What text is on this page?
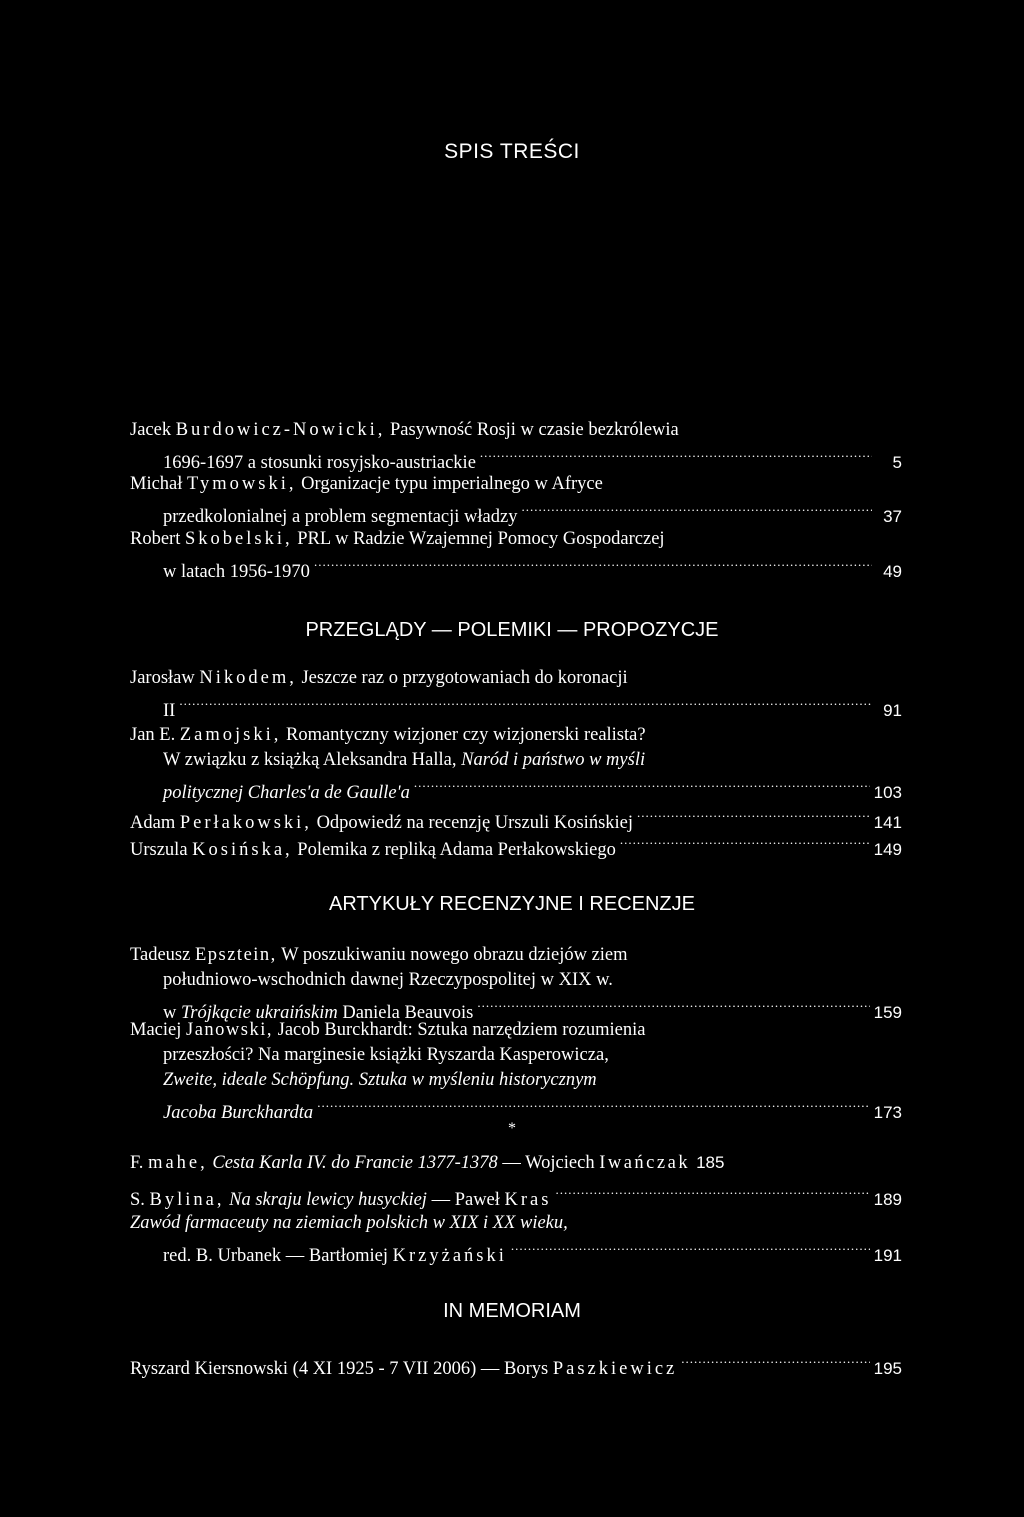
SPIS TREŚCI
Jacek Burdowicz-Nowicki, Pasywność Rosji w czasie bezkrólewia
1696-1697 a stosunki rosyjsko-austriackie .....	5
Michał Tymowski, Organizacje typu imperialnego w Afryce
przedkolonialnej a problem segmentacji władzy .....	37
Robert Skobelski, PRL w Radzie Wzajemnej Pomocy Gospodarczej
w latach 1956-1970 .....	49
PRZEGLĄDY — POLEMIKI — PROPOZYCJE
Jarosław Nikodem, Jeszcze raz o przygotowaniach do koronacji
II .....	91
Jan E. Zamojski, Romantyczny wizjoner czy wizjonerski realista?
W związku z książką Aleksandra Halla, Naród i państwo w myśli
politycznej Charles'a de Gaulle'a .....	103
Adam Perłakowski, Odpowiedź na recenzję Urszuli Kosińskiej .....	141
Urszula Kosińska, Polemika z repliką Adama Perłakowskiego .....	149
ARTYKUŁY RECENZYJNE I RECENZJE
Tadeusz Epsztein, W poszukiwaniu nowego obrazu dziejów ziem
południowo-wschodnich dawnej Rzeczypospolitej w XIX w.
w Trójkącie ukraińskim Daniela Beauvois .....	159
Maciej Janowski, Jacob Burckhardt: Sztuka narzędziem rozumienia
przeszłości? Na marginesie książki Ryszarda Kasperowicza,
Zweite, ideale Schöpfung. Sztuka w myśleniu historycznym
Jacoba Burckhardta .....	173
*
F. mahe, Cesta Karla IV. do Francie 1377-1378 — Wojciech Iwańczak 185
S. Bylina, Na skraju lewicy husyckiej — Paweł Kras .....	189
Zawód farmaceuty na ziemiach polskich w XIX i XX wieku,
red. B. Urbanek — Bartłomiej Krzyżański .....	191
IN MEMORIAM
Ryszard Kiersnowski (4 XI 1925 - 7 VII 2006) — Borys Paszkiewicz .....	195
